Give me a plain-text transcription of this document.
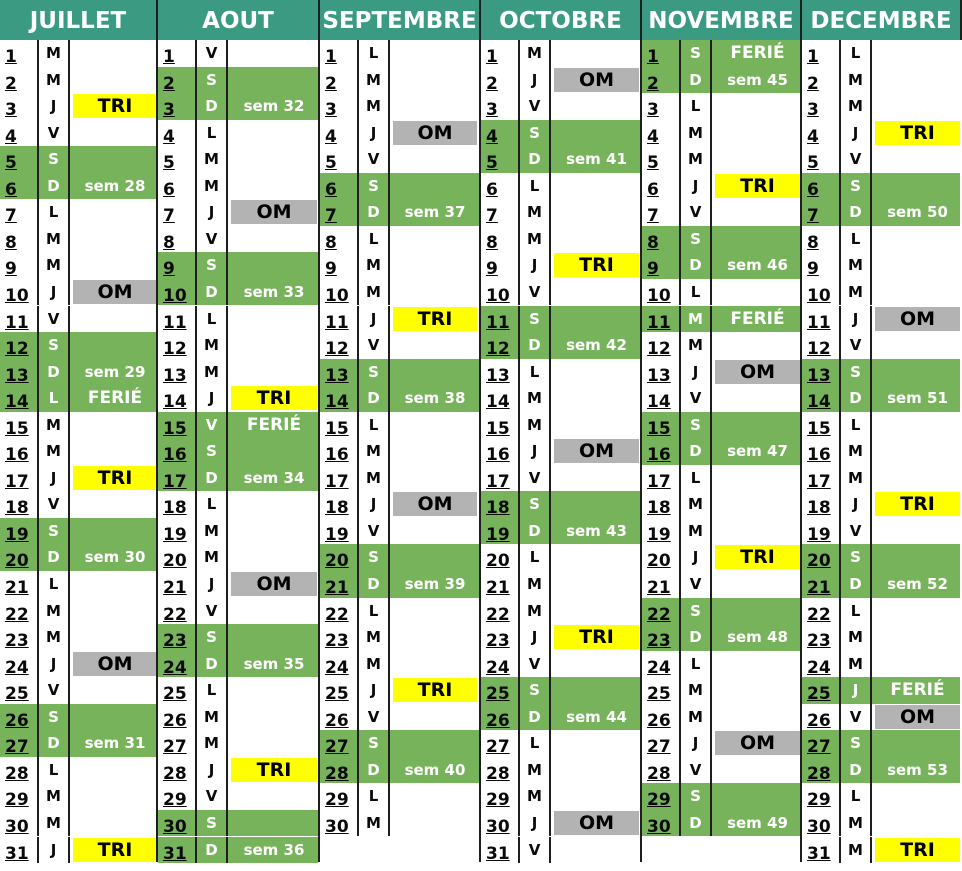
JUILLET
1	M
2	M
3	J	TRI
4	V
5	S
6	D	sem 28
7	L
8	M
9	M
10	J	OM
11	V
12	S
13	D	sem 29
14	L	FERIÉ
15	M
16	M
17	J	TRI
18	V
19	S
20	D	sem 30
21	L
22	M
23	M
24	J	OM
25	V
26	S
27	D	sem 31
28	L
29	M
30	M
31	J	TRI
AOUT
1	V
2	S
3	D	sem 32
4	L
5	M
6	M
7	J	OM
8	V
9	S
10	D	sem 33
11	L
12	M
13	M
14	J	TRI
15	V	FERIÉ
16	S
17	D	sem 34
18	L
19	M
20	M
21	J	OM
22	V
23	S
24	D	sem 35
25	L
26	M
27	M
28	J	TRI
29	V
30	S
31	D	sem 36
SEPTEMBRE
1	L
2	M
3	M
4	J	OM
5	V
6	S
7	D	sem 37
8	L
9	M
10	M
11	J	TRI
12	V
13	S
14	D	sem 38
15	L
16	M
17	M
18	J	OM
19	V
20	S
21	D	sem 39
22	L
23	M
24	M
25	J	TRI
26	V
27	S
28	D	sem 40
29	L
30	M
OCTOBRE
1	M
2	J	OM
3	V
4	S
5	D	sem 41
6	L
7	M
8	M
9	J	TRI
10	V
11	S
12	D	sem 42
13	L
14	M
15	M
16	J	OM
17	V
18	S
19	D	sem 43
20	L
21	M
22	M
23	J	TRI
24	V
25	S
26	D	sem 44
27	L
28	M
29	M
30	J	OM
31	V
NOVEMBRE
1	S	FERIÉ
2	D	sem 45
3	L
4	M
5	M
6	J	TRI
7	V
8	S
9	D	sem 46
10	L
11	M	FERIÉ
12	M
13	J	OM
14	V
15	S
16	D	sem 47
17	L
18	M
19	M
20	J	TRI
21	V
22	S
23	D	sem 48
24	L
25	M
26	M
27	J	OM
28	V
29	S
30	D	sem 49
DECEMBRE
1	L
2	M
3	M
4	J	TRI
5	V
6	S
7	D	sem 50
8	L
9	M
10	M
11	J	OM
12	V
13	S
14	D	sem 51
15	L
16	M
17	M
18	J	TRI
19	V
20	S
21	D	sem 52
22	L
23	M
24	M
25	J	FERIÉ
26	V	OM
27	S
28	D	sem 53
29	L
30	M
31	M	TRI
